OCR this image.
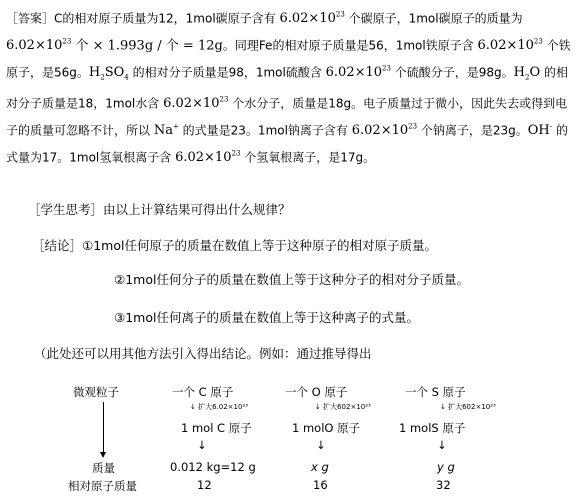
［答案］C的相对原子质量为12，1mol碳原子含有 $6.02\times 10^{23}$ 个碳原子，1mol碳原子的质量为 $6.02\times 10^{23}$ 个 × 1.993g / 个 = 12g。同理Fe的相对原子质量是56，1mol铁原子含 $6.02\times 10^{23}$ 个铁原子，是56g。$H_2SO_4$ 的相对分子质量是98，1mol硫酸含 $6.02\times 10^{23}$ 个硫酸分子，是98g。$H_2O$ 的相对分子质量是18，1mol水含 $6.02\times 10^{23}$ 个水分子，质量是18g。电子质量过于微小，因此失去或得到电子的质量可忽略不计，所以 Na+ 的式量是23。1mol钠离子含有 $6.02\times 10^{23}$ 个钠离子，是23g。OH- 的式量为17。1mol氢氧根离子含 $6.02\times 10^{23}$ 个氢氧根离子，是17g。
［学生思考］由以上计算结果可得出什么规律？
［结论］①1mol任何原子的质量在数值上等于这种原子的相对原子质量。
②1mol任何分子的质量在数值上等于这种分子的相对分子质量。
③1mol任何离子的质量在数值上等于这种离子的式量。
（此处还可以用其他方法引入得出结论。例如：通过推导得出
微观粒子
质量
相对原子质量
一个 C 原子
↓ 扩大6.02×10²³
1 mol C 原子
↓
0.012 kg=12 g
12
一个 O 原子
↓ 扩大602×10²³
1 molO 原子
↓
x g
16
一个 S 原子
↓ 扩大602×10²³
1 molS 原子
↓
y g
32
